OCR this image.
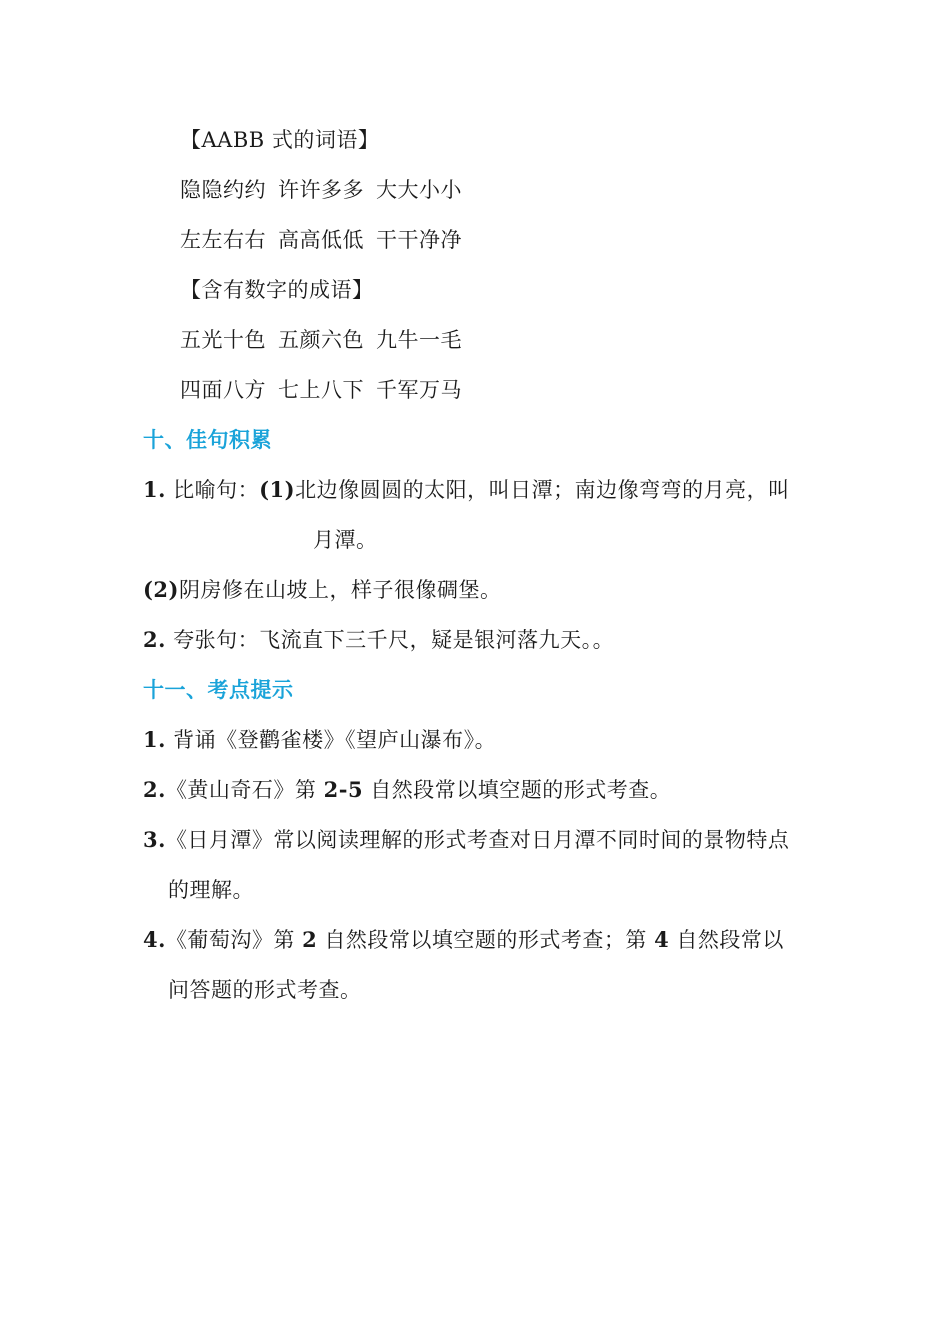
【AABB 式的词语】
隐隐约约 许许多多 大大小小
左左右右 高高低低 干干净净
【含有数字的成语】
五光十色 五颜六色 九牛一毛
四面八方 七上八下 千军万马
十、佳句积累
1. 比喻句：(1)北边像圆圆的太阳，叫日潭；南边像弯弯的月亮，叫
月潭。
(2)阴房修在山坡上，样子很像碉堡。
2. 夸张句：飞流直下三千尺，疑是银河落九天。。
十一、考点提示
1. 背诵《登鹳雀楼》《望庐山瀑布》。
2.《黄山奇石》第 2-5 自然段常以填空题的形式考查。
3.《日月潭》常以阅读理解的形式考查对日月潭不同时间的景物特点
的理解。
4.《葡萄沟》第 2 自然段常以填空题的形式考查；第 4 自然段常以
问答题的形式考查。
